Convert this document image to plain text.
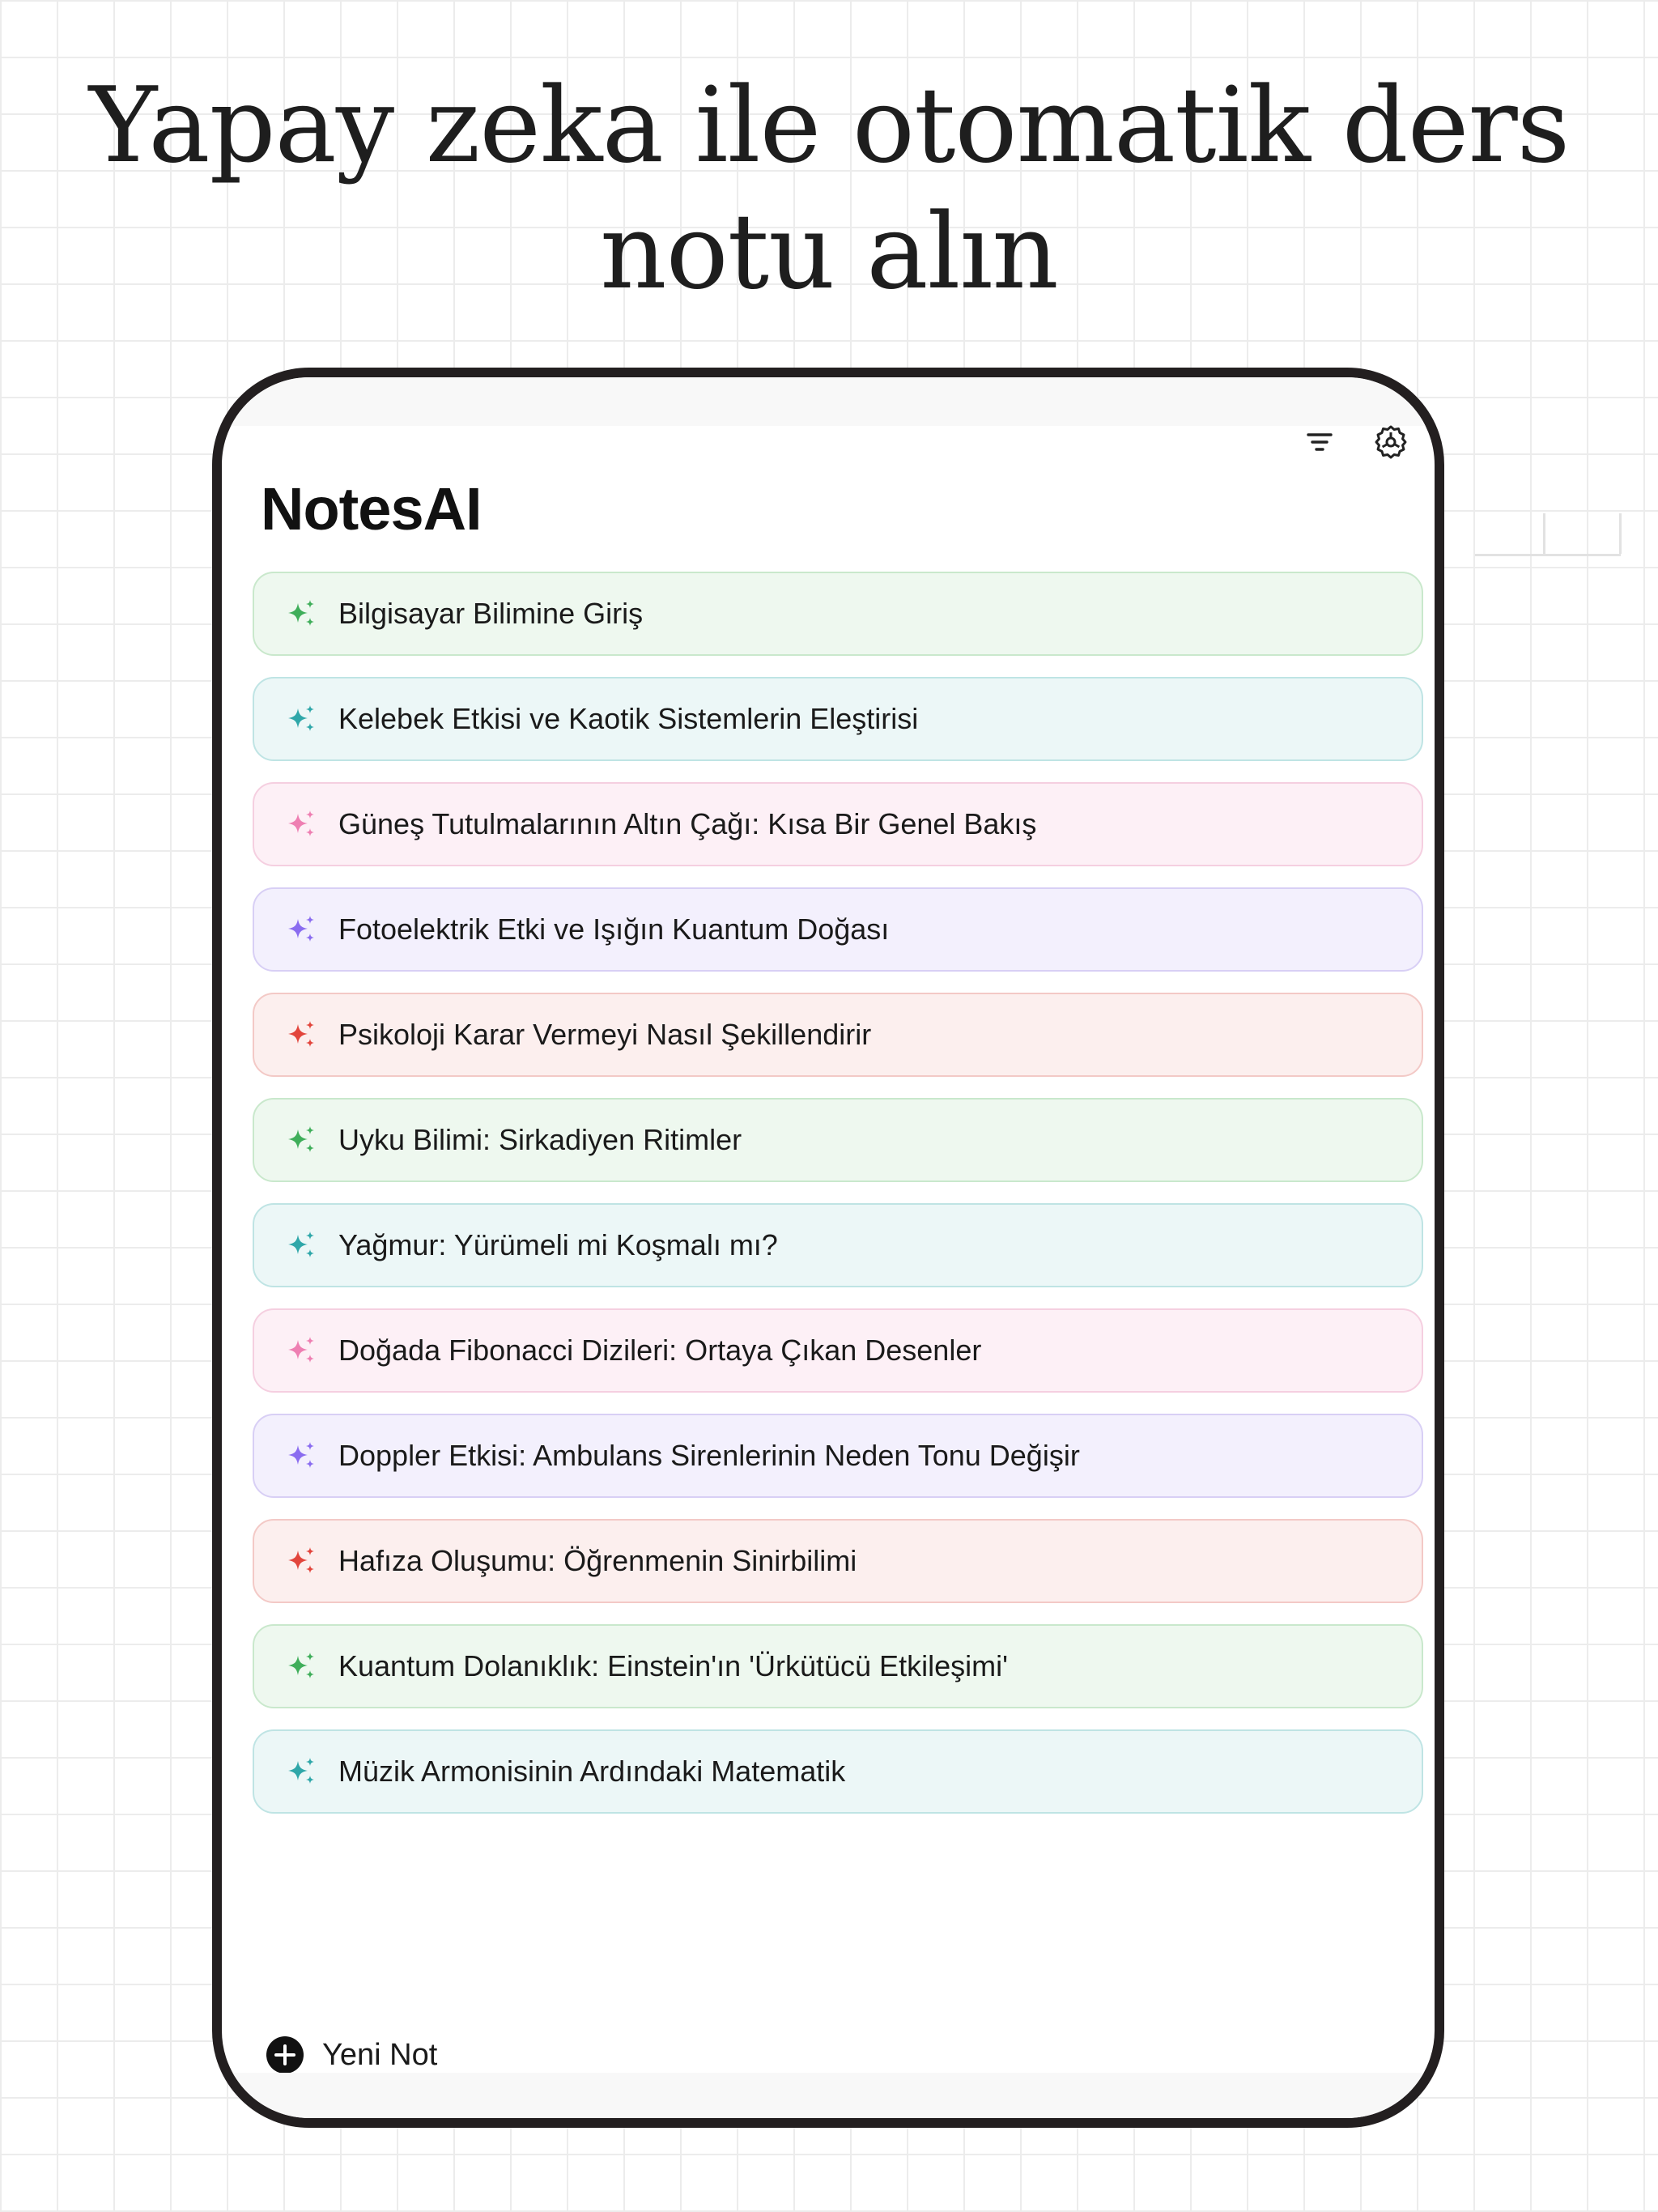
Yapay zeka ile otomatik ders
notu alın
NotesAI
Bilgisayar Bilimine Giriş
Kelebek Etkisi ve Kaotik Sistemlerin Eleştirisi
Güneş Tutulmalarının Altın Çağı: Kısa Bir Genel Bakış
Fotoelektrik Etki ve Işığın Kuantum Doğası
Psikoloji Karar Vermeyi Nasıl Şekillendirir
Uyku Bilimi: Sirkadiyen Ritimler
Yağmur: Yürümeli mi Koşmalı mı?
Doğada Fibonacci Dizileri: Ortaya Çıkan Desenler
Doppler Etkisi: Ambulans Sirenlerinin Neden Tonu Değişir
Hafıza Oluşumu: Öğrenmenin Sinirbilimi
Kuantum Dolanıklık: Einstein'ın 'Ürkütücü Etkileşimi'
Müzik Armonisinin Ardındaki Matematik
Yeni Not
